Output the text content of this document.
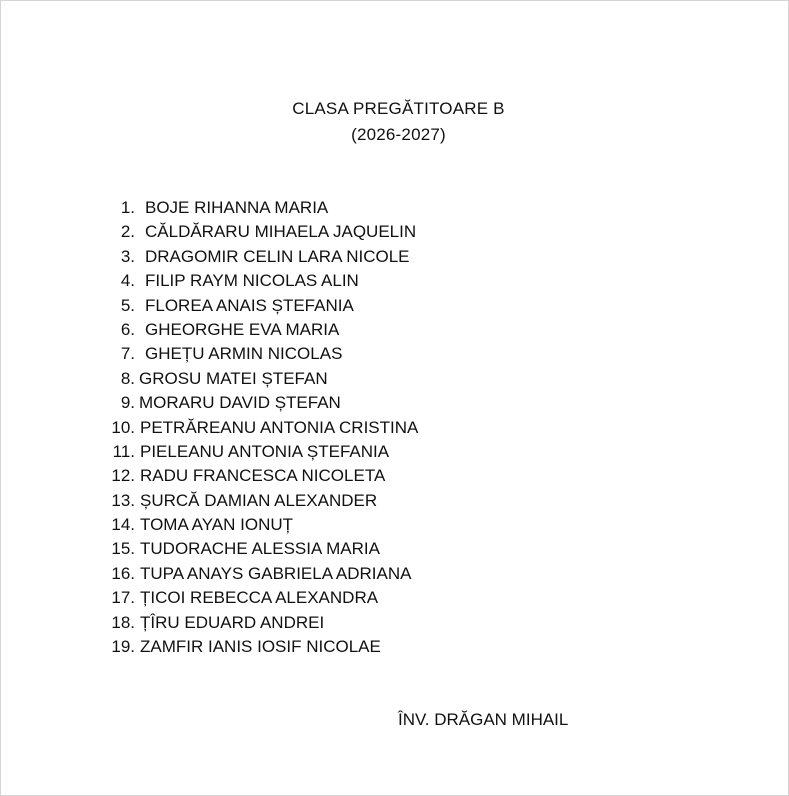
CLASA PREGĂTITOARE B
(2026-2027)
1. BOJE RIHANNA MARIA
2. CĂLDĂRARU MIHAELA JAQUELIN
3. DRAGOMIR CELIN LARA NICOLE
4. FILIP RAYM NICOLAS ALIN
5. FLOREA ANAIS ȘTEFANIA
6. GHEORGHE EVA MARIA
7. GHEȚU ARMIN NICOLAS
8. GROSU MATEI ȘTEFAN
9. MORARU DAVID ȘTEFAN
10. PETRĂREANU ANTONIA CRISTINA
11. PIELEANU ANTONIA ȘTEFANIA
12. RADU FRANCESCA NICOLETA
13. ȘURCĂ DAMIAN ALEXANDER
14. TOMA AYAN IONUȚ
15. TUDORACHE ALESSIA MARIA
16. TUPA ANAYS GABRIELA ADRIANA
17. ȚICOI REBECCA ALEXANDRA
18. ȚÎRU EDUARD ANDREI
19. ZAMFIR IANIS IOSIF NICOLAE
ÎNV. DRĂGAN MIHAIL
